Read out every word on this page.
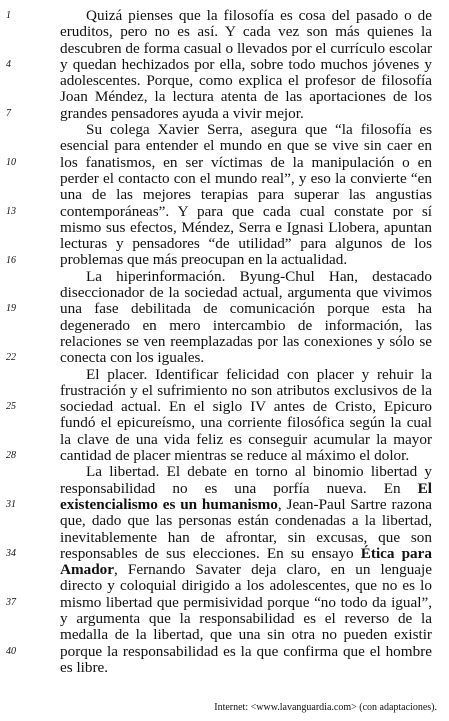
1
4
7
10
13
16
19
22
25
28
31
34
37
40

Quizá pienses que la filosofía es cosa del pasado o de eruditos, pero no es así. Y cada vez son más quienes la descubren de forma casual o llevados por el currículo escolar y quedan hechizados por ella, sobre todo muchos jóvenes y adolescentes. Porque, como explica el profesor de filosofía Joan Méndez, la lectura atenta de las aportaciones de los grandes pensadores ayuda a vivir mejor.

Su colega Xavier Serra, asegura que “la filosofía es esencial para entender el mundo en que se vive sin caer en los fanatismos, en ser víctimas de la manipulación o en perder el contacto con el mundo real”, y eso la convierte “en una de las mejores terapias para superar las angustias contemporáneas”. Y para que cada cual constate por sí mismo sus efectos, Méndez, Serra e Ignasi Llobera, apuntan lecturas y pensadores “de utilidad” para algunos de los problemas que más preocupan en la actualidad.

La hiperinformación. Byung-Chul Han, destacado diseccionador de la sociedad actual, argumenta que vivimos una fase debilitada de comunicación porque esta ha degenerado en mero intercambio de información, las relaciones se ven reemplazadas por las conexiones y sólo se conecta con los iguales.

El placer. Identificar felicidad con placer y rehuir la frustración y el sufrimiento no son atributos exclusivos de la sociedad actual. En el siglo IV antes de Cristo, Epicuro fundó el epicureísmo, una corriente filosófica según la cual la clave de una vida feliz es conseguir acumular la mayor cantidad de placer mientras se reduce al máximo el dolor.

La libertad. El debate en torno al binomio libertad y responsabilidad no es una porfía nueva. En El existencialismo es un humanismo, Jean-Paul Sartre razona que, dado que las personas están condenadas a la libertad, inevitablemente han de afrontar, sin excusas, que son responsables de sus elecciones. En su ensayo Ética para Amador, Fernando Savater deja claro, en un lenguaje directo y coloquial dirigido a los adolescentes, que no es lo mismo libertad que permisividad porque “no todo da igual”, y argumenta que la responsabilidad es el reverso de la medalla de la libertad, que una sin otra no pueden existir porque la responsabilidad es la que confirma que el hombre es libre.

Internet: <www.lavanguardia.com> (con adaptaciones).
